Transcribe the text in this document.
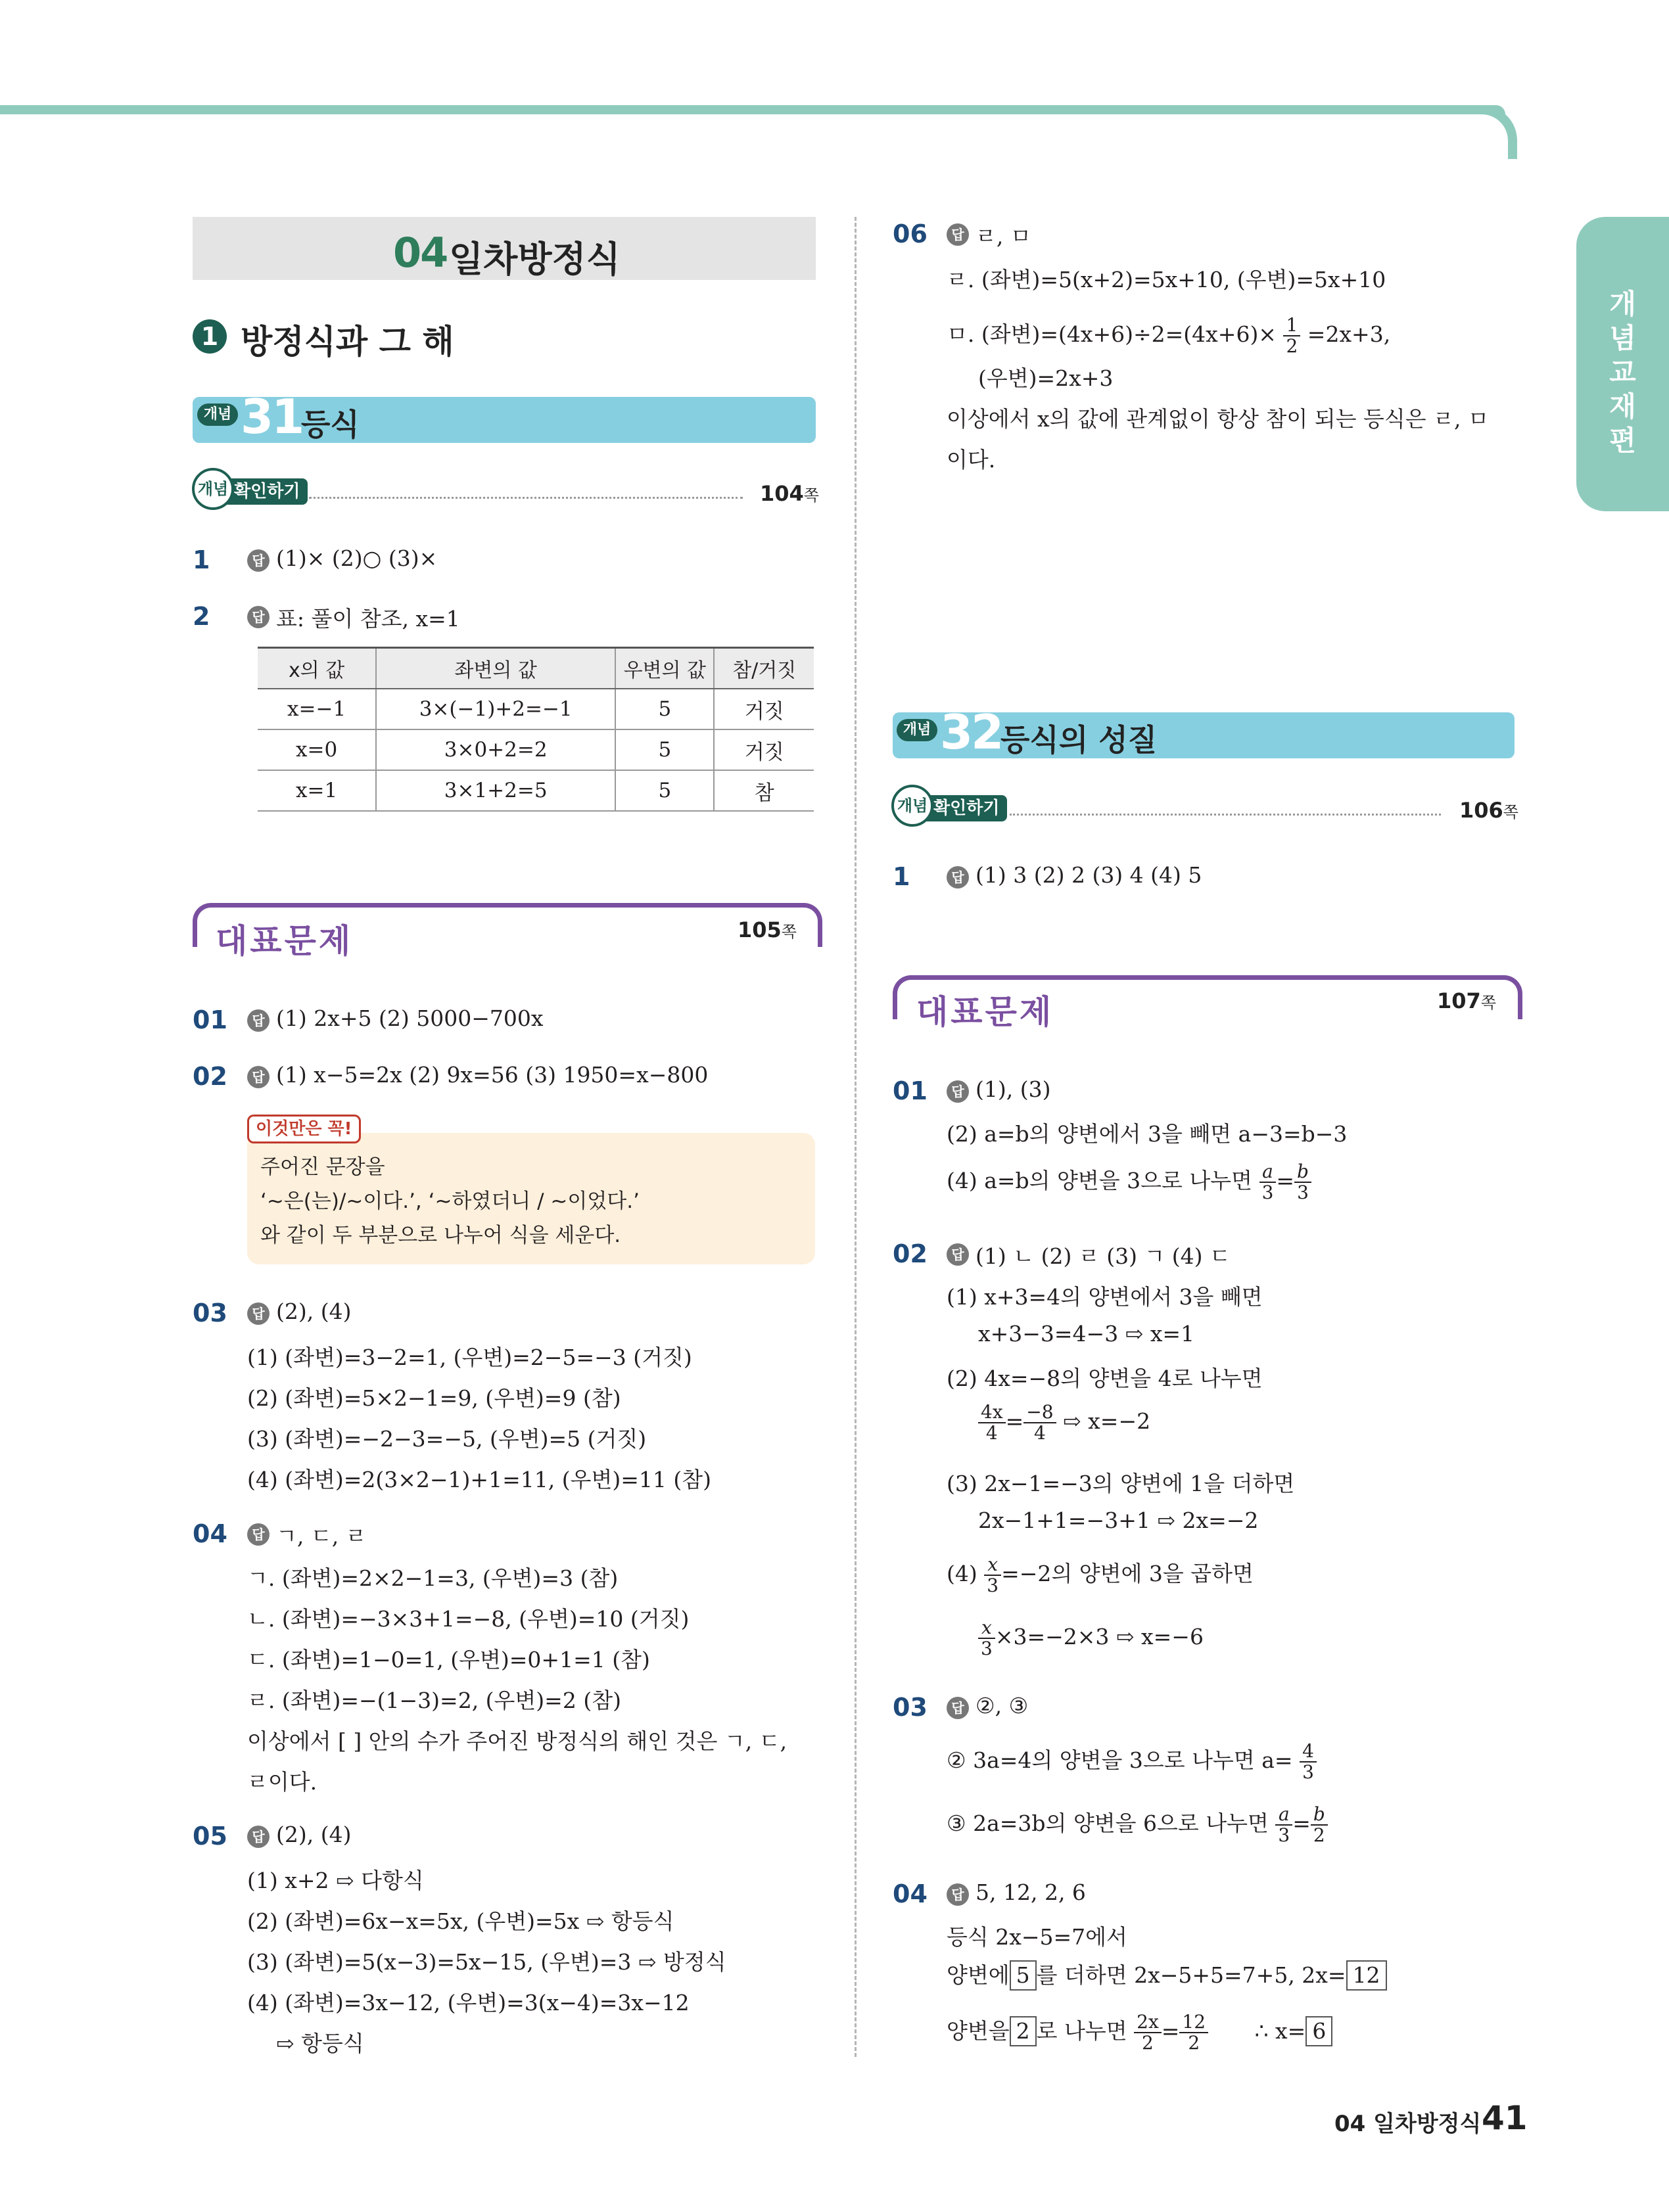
개
념
교
재
편
04 일차방정식
1 방정식과 그 해
개념 31
등식
확인하기
개념	104쪽
1	답 (1)× (2)○ (3)×
2	답 표: 풀이 참조, x=1
x의 값	좌변의 값	우변의 값	참/거짓
x=−1	3×(−1)+2=−1	5	거짓
x=0	3×0+2=2	5	거짓
x=1	3×1+2=5	5	참
대표문제	105쪽
01	답 (1) 2x+5 (2) 5000−700x
02	답 (1) x−5=2x (2) 9x=56 (3) 1950=x−800
이것만은 꼭!
주어진 문장을
‘~은(는)/~이다.’, ‘~하였더니 / ~이었다.’
와 같이 두 부분으로 나누어 식을 세운다.
03	답 (2), (4)
(1) (좌변)=3−2=1, (우변)=2−5=−3 (거짓)
(2) (좌변)=5×2−1=9, (우변)=9 (참)
(3) (좌변)=−2−3=−5, (우변)=5 (거짓)
(4) (좌변)=2(3×2−1)+1=11, (우변)=11 (참)
04	답 ㄱ, ㄷ, ㄹ
ㄱ. (좌변)=2×2−1=3, (우변)=3 (참)
ㄴ. (좌변)=−3×3+1=−8, (우변)=10 (거짓)
ㄷ. (좌변)=1−0=1, (우변)=0+1=1 (참)
ㄹ. (좌변)=−(1−3)=2, (우변)=2 (참)
이상에서 [ ] 안의 수가 주어진 방정식의 해인 것은 ㄱ, ㄷ,
ㄹ이다.
05	답 (2), (4)
(1) x+2 ⇨ 다항식
(2) (좌변)=6x−x=5x, (우변)=5x ⇨ 항등식
(3) (좌변)=5(x−3)=5x−15, (우변)=3 ⇨ 방정식
(4) (좌변)=3x−12, (우변)=3(x−4)=3x−12
⇨ 항등식
06	답 ㄹ, ㅁ
ㄹ. (좌변)=5(x+2)=5x+10, (우변)=5x+10
ㅁ. (좌변)$=(4x+6)\div 2=(4x+6)\times \frac{1}{2} =2x+3$,
(우변)=2x+3
이상에서 x의 값에 관계없이 항상 참이 되는 등식은 ㄹ, ㅁ
이다.
개념 32
등식의 성질
확인하기
개념	106쪽
1	답 (1) 3 (2) 2 (3) 4 (4) 5
대표문제	107쪽
01	답 (1), (3)
(2) a=b의 양변에서 3을 빼면 a−3=b−3
(4) a=b의 양변을 3으로 나누면 $\frac{a}{3} = \frac{b}{3}$
02	답 (1) ㄴ (2) ㄹ (3) ㄱ (4) ㄷ
(1) x+3=4의 양변에서 3을 빼면
x+3−3=4−3 ⇨ x=1
(2) 4x=−8의 양변을 4로 나누면
$\frac{4x}{4} = \frac{-8}{4}$ ⇨ x=−2
(3) 2x−1=−3의 양변에 1을 더하면
2x−1+1=−3+1 ⇨ 2x=−2
$(4) \frac{x}{3} =-2$의 양변에 3을 곱하면
$\frac{x}{3} \times 3=-2\times 3$ ⇨ x=−6
03	답 ②, ③
② 3a=4의 양변을 3으로 나누면 $a= \frac{4}{3}$
③ 2a=3b의 양변을 6으로 나누면 $\frac{a}{3} = \frac{b}{2}$
04	답 5, 12, 2, 6
등식 2x−5=7에서
양변에 5 를 더하면 2x−5+5=7+5, 2x= 12
양변을 2 로 나누면 $\frac{2x}{2} = \frac{12}{2}$ ∴ x= 6
04 일차방정식 41
